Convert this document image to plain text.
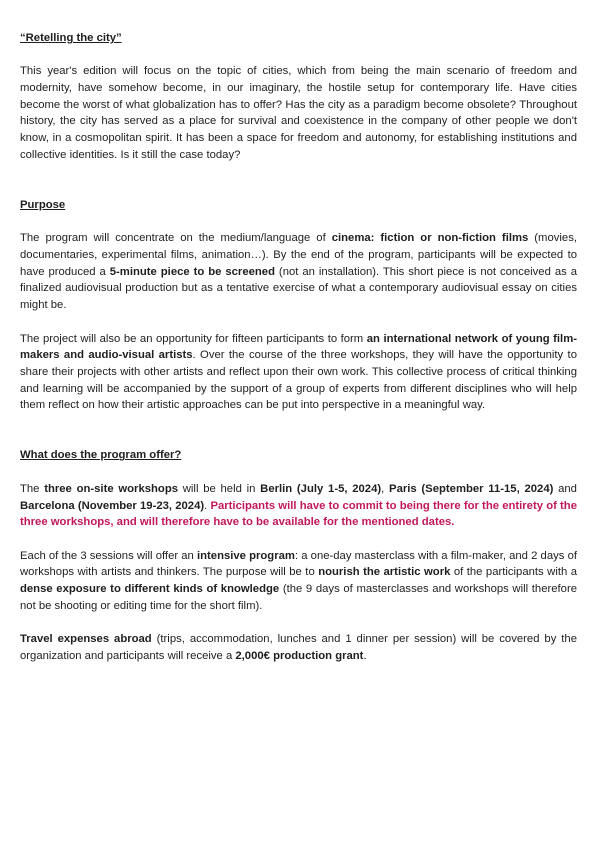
“Retelling the city”

This year's edition will focus on the topic of cities, which from being the main scenario of freedom and modernity, have somehow become, in our imaginary, the hostile setup for contemporary life. Have cities become the worst of what globalization has to offer? Has the city as a paradigm become obsolete? Throughout history, the city has served as a place for survival and coexistence in the company of other people we don't know, in a cosmopolitan spirit. It has been a space for freedom and autonomy, for establishing institutions and collective identities. Is it still the case today?

Purpose

The program will concentrate on the medium/language of cinema: fiction or non-fiction films (movies, documentaries, experimental films, animation…). By the end of the program, participants will be expected to have produced a 5-minute piece to be screened (not an installation). This short piece is not conceived as a finalized audiovisual production but as a tentative exercise of what a contemporary audiovisual essay on cities might be.

The project will also be an opportunity for fifteen participants to form an international network of young film-makers and audio-visual artists. Over the course of the three workshops, they will have the opportunity to share their projects with other artists and reflect upon their own work. This collective process of critical thinking and learning will be accompanied by the support of a group of experts from different disciplines who will help them reflect on how their artistic approaches can be put into perspective in a meaningful way.

What does the program offer?

The three on-site workshops will be held in Berlin (July 1-5, 2024), Paris (September 11-15, 2024) and Barcelona (November 19-23, 2024). Participants will have to commit to being there for the entirety of the three workshops, and will therefore have to be available for the mentioned dates.

Each of the 3 sessions will offer an intensive program: a one-day masterclass with a film-maker, and 2 days of workshops with artists and thinkers. The purpose will be to nourish the artistic work of the participants with a dense exposure to different kinds of knowledge (the 9 days of masterclasses and workshops will therefore not be shooting or editing time for the short film).

Travel expenses abroad (trips, accommodation, lunches and 1 dinner per session) will be covered by the organization and participants will receive a 2,000€ production grant.
